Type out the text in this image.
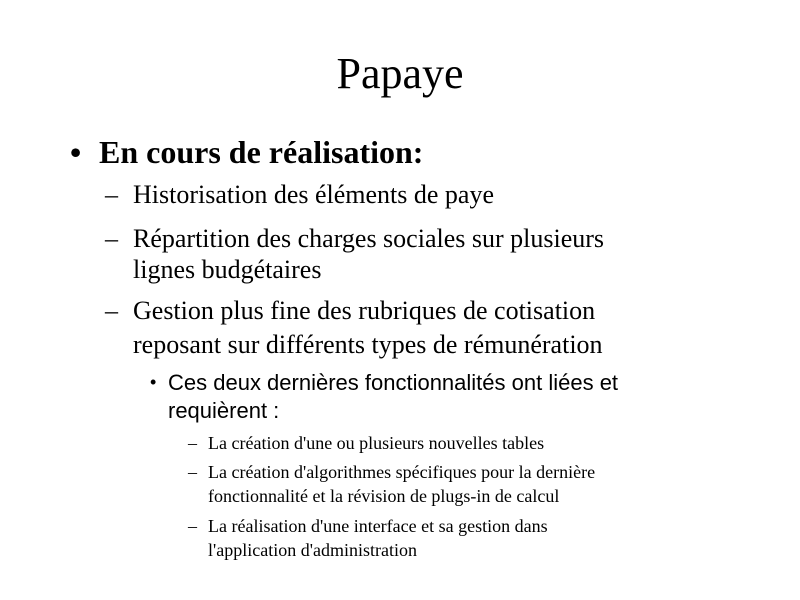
Papaye
• En cours de réalisation:
– Historisation des éléments de paye
– Répartition des charges sociales sur plusieurs
lignes budgétaires
– Gestion plus fine des rubriques de cotisation
reposant sur différents types de rémunération
• Ces deux dernières fonctionnalités ont liées et
requièrent :
– La création d'une ou plusieurs nouvelles tables
– La création d'algorithmes spécifiques pour la dernière
fonctionnalité et la révision de plugs-in de calcul
– La réalisation d'une interface et sa gestion dans
l'application d'administration
